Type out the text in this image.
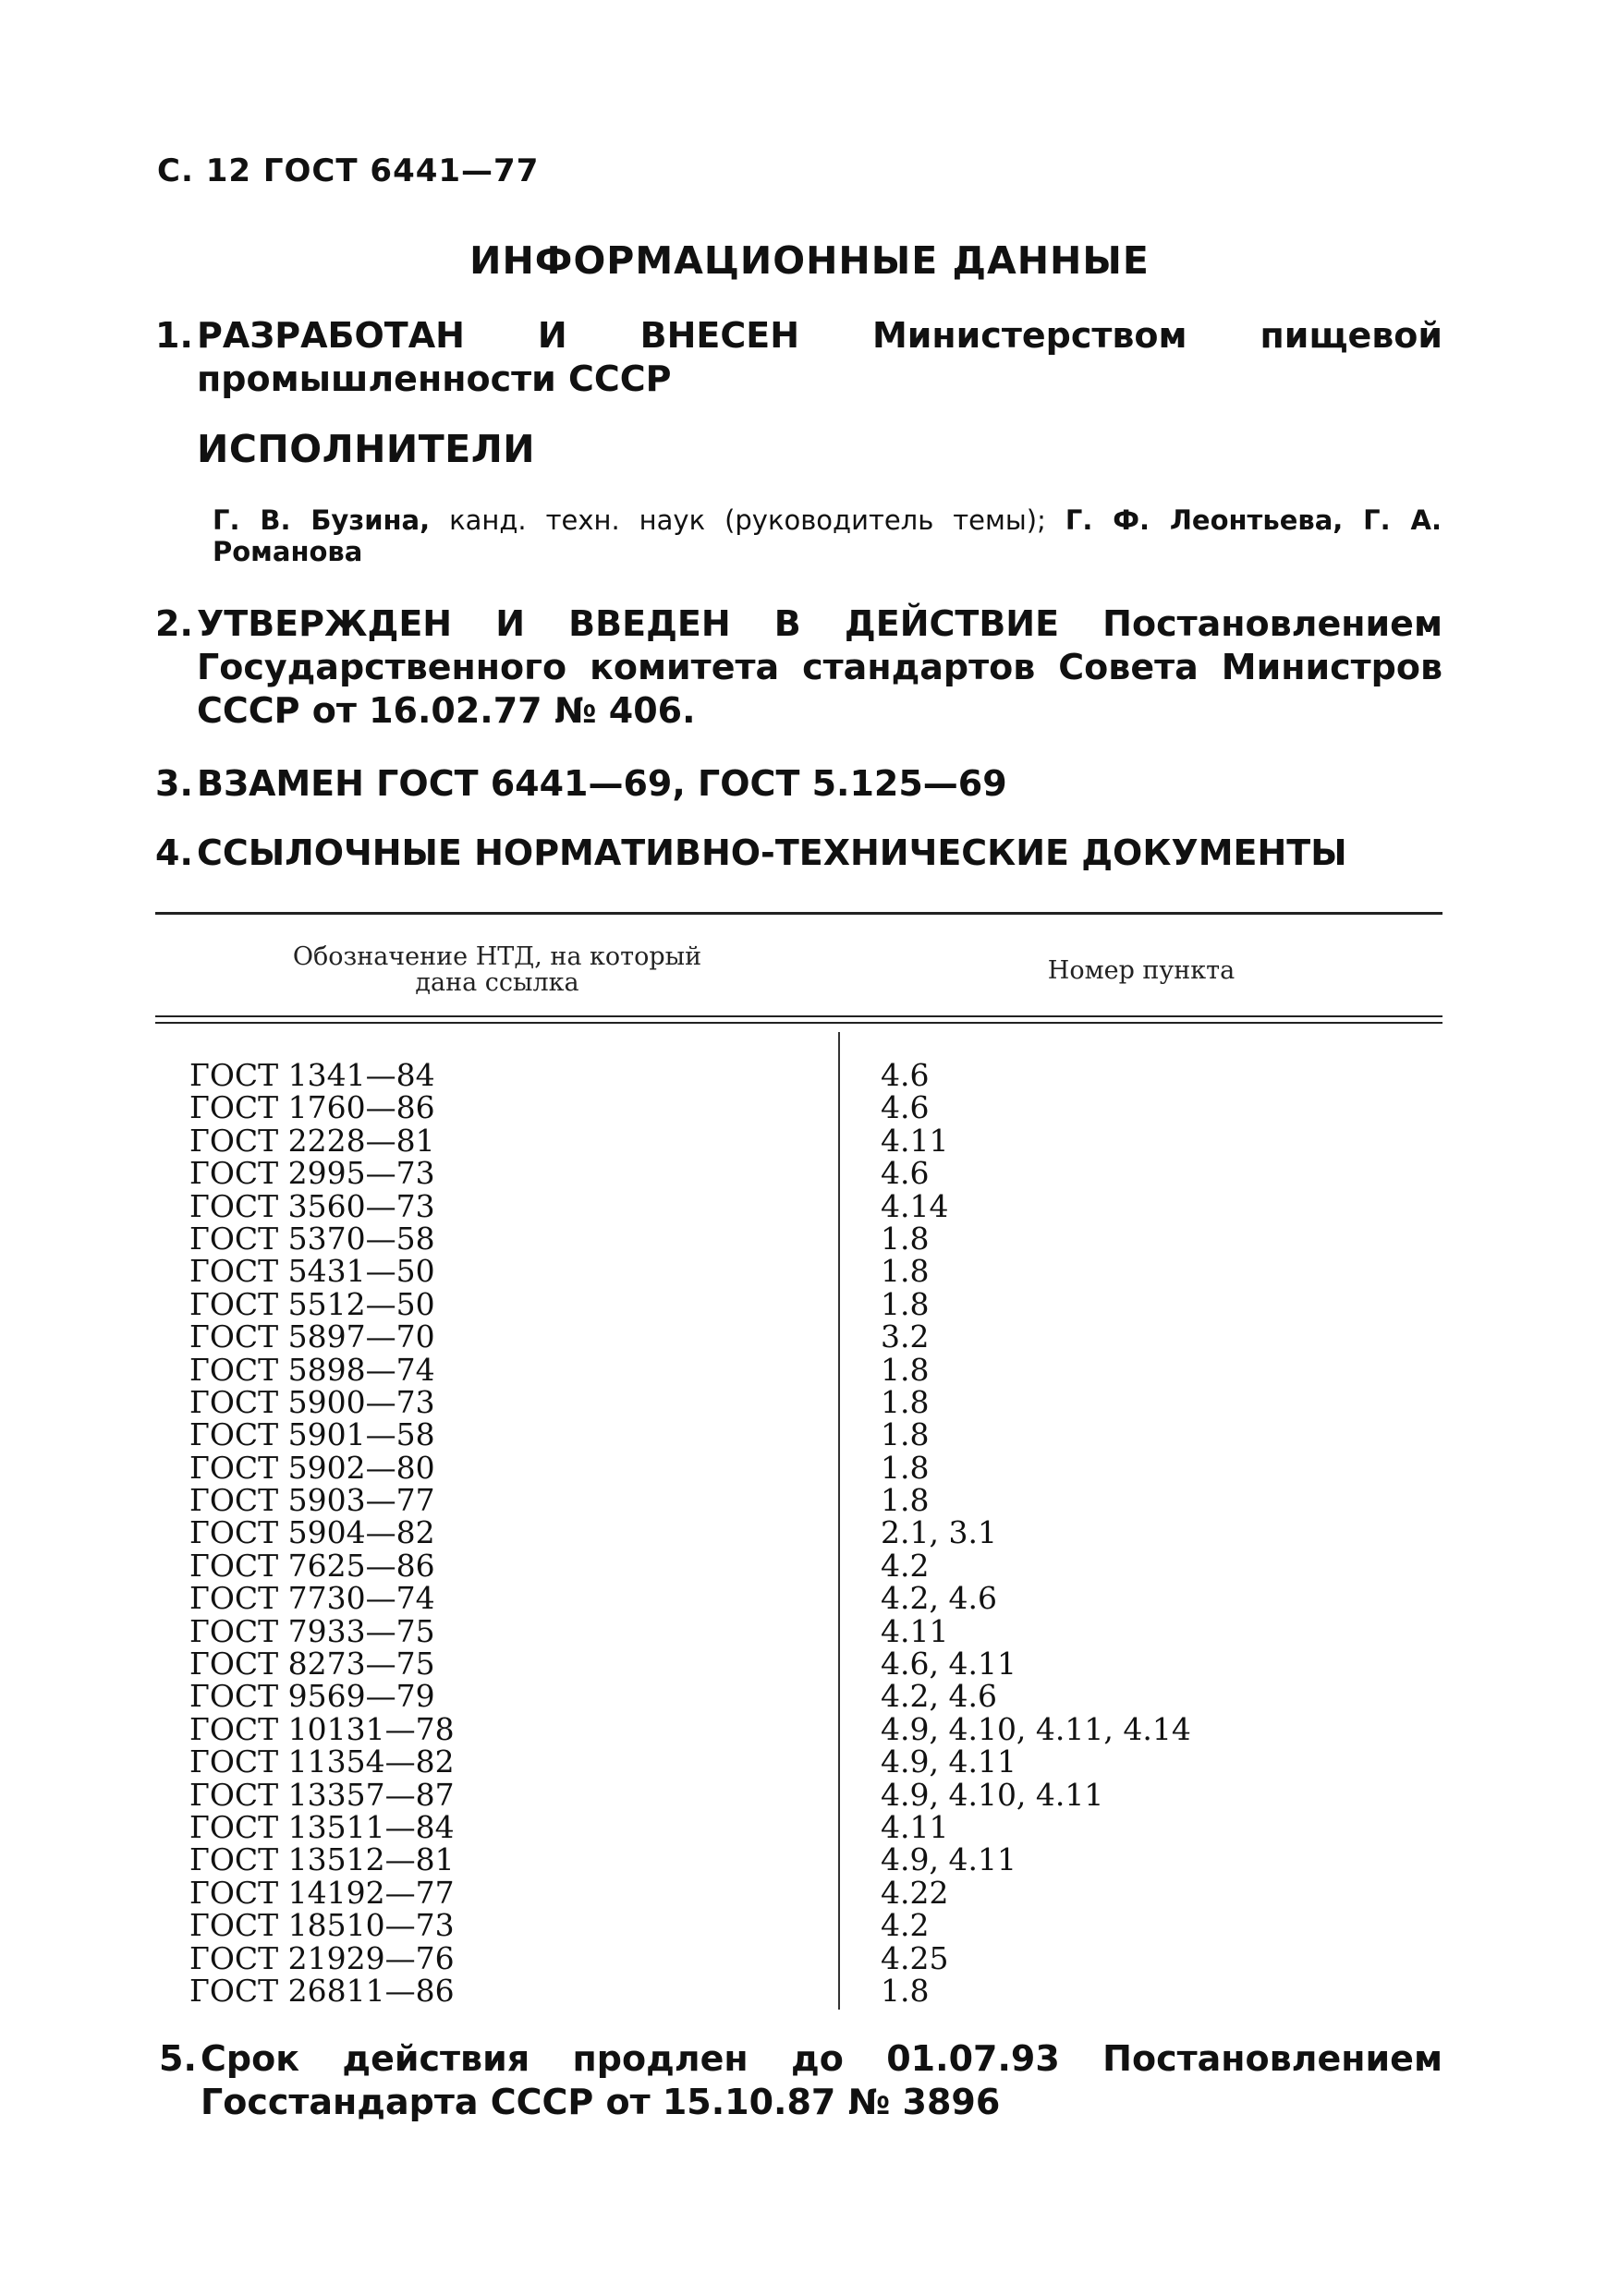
С. 12 ГОСТ 6441—77
ИНФОРМАЦИОННЫЕ ДАННЫЕ
1. РАЗРАБОТАН И ВНЕСЕН Министерством пищевой промышленности СССР
ИСПОЛНИТЕЛИ
Г. В. Бузина, канд. техн. наук (руководитель темы); Г. Ф. Леонтьева, Г. А. Романова
2. УТВЕРЖДЕН И ВВЕДЕН В ДЕЙСТВИЕ Постановлением Государственного комитета стандартов Совета Министров СССР от 16.02.77 № 406.
3. ВЗАМЕН ГОСТ 6441—69, ГОСТ 5.125—69
4. ССЫЛОЧНЫЕ НОРМАТИВНО-ТЕХНИЧЕСКИЕ ДОКУМЕНТЫ
Обозначение НТД, на который
дана ссылка	Номер пункта
ГОСТ 1341—84
ГОСТ 1760—86
ГОСТ 2228—81
ГОСТ 2995—73
ГОСТ 3560—73
ГОСТ 5370—58
ГОСТ 5431—50
ГОСТ 5512—50
ГОСТ 5897—70
ГОСТ 5898—74
ГОСТ 5900—73
ГОСТ 5901—58
ГОСТ 5902—80
ГОСТ 5903—77
ГОСТ 5904—82
ГОСТ 7625—86
ГОСТ 7730—74
ГОСТ 7933—75
ГОСТ 8273—75
ГОСТ 9569—79
ГОСТ 10131—78
ГОСТ 11354—82
ГОСТ 13357—87
ГОСТ 13511—84
ГОСТ 13512—81
ГОСТ 14192—77
ГОСТ 18510—73
ГОСТ 21929—76
ГОСТ 26811—86
4.6
4.6
4.11
4.6
4.14
1.8
1.8
1.8
3.2
1.8
1.8
1.8
1.8
1.8
2.1, 3.1
4.2
4.2, 4.6
4.11
4.6, 4.11
4.2, 4.6
4.9, 4.10, 4.11, 4.14
4.9, 4.11
4.9, 4.10, 4.11
4.11
4.9, 4.11
4.22
4.2
4.25
1.8
5. Срок действия продлен до 01.07.93 Постановлением Госстандарта СССР от 15.10.87 № 3896
